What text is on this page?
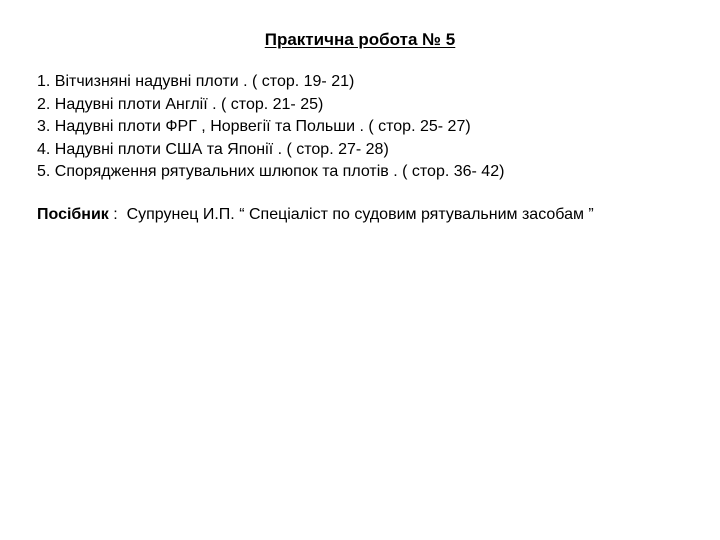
Практична робота № 5
1. Вітчизняні надувні плоти . ( стор. 19- 21)
2. Надувні плоти Англії . ( стор. 21- 25)
3. Надувні плоти ФРГ , Норвегії та Польши . ( стор. 25- 27)
4. Надувні плоти США та Японії . ( стор. 27- 28)
5. Спорядження рятувальних шлюпок та плотів . ( стор. 36- 42)
Посібник :  Супрунец И.П. “ Спеціаліст по судовим рятувальним засобам ”
